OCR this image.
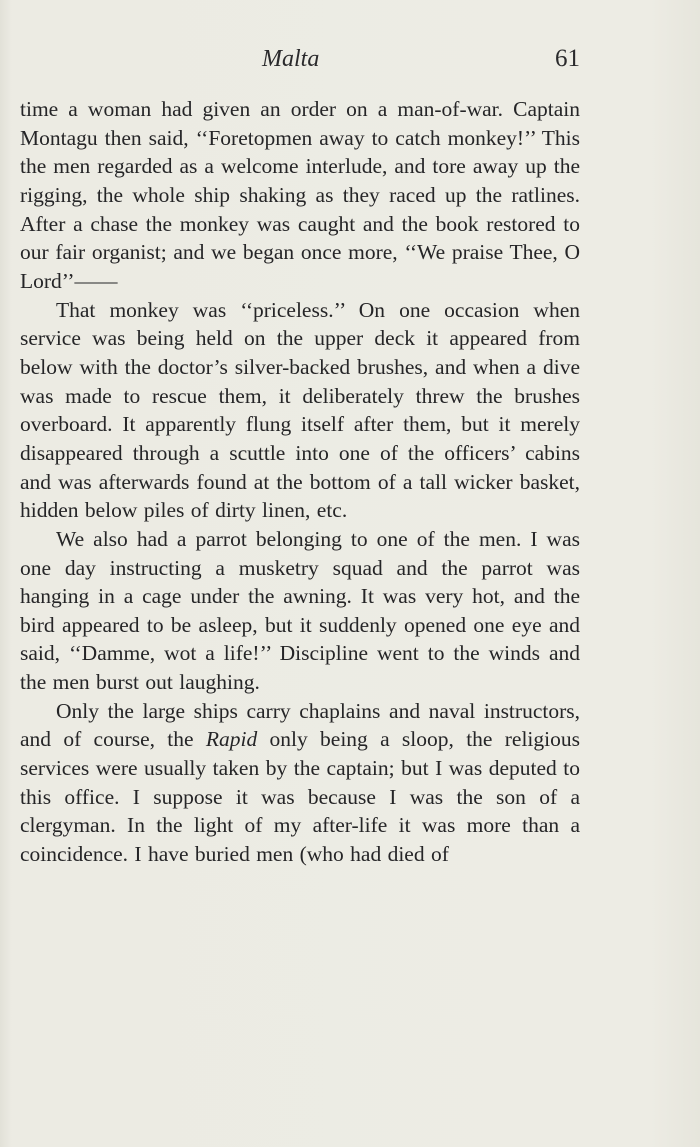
Malta	61

time a woman had given an order on a man-of-war. Captain Montagu then said, ‘‘Foretopmen away to catch monkey!’’ This the men regarded as a welcome interlude, and tore away up the rigging, the whole ship shaking as they raced up the ratlines. After a chase the monkey was caught and the book restored to our fair organist; and we began once more, ‘‘We praise Thee, O Lord’’——

That monkey was ‘‘priceless.’’ On one occasion when service was being held on the upper deck it appeared from below with the doctor’s silver-backed brushes, and when a dive was made to rescue them, it deliberately threw the brushes overboard. It apparently flung itself after them, but it merely disappeared through a scuttle into one of the officers’ cabins and was afterwards found at the bottom of a tall wicker basket, hidden below piles of dirty linen, etc.

We also had a parrot belonging to one of the men. I was one day instructing a musketry squad and the parrot was hanging in a cage under the awning. It was very hot, and the bird appeared to be asleep, but it suddenly opened one eye and said, ‘‘Damme, wot a life!’’ Discipline went to the winds and the men burst out laughing.

Only the large ships carry chaplains and naval instructors, and of course, the Rapid only being a sloop, the religious services were usually taken by the captain; but I was deputed to this office. I suppose it was because I was the son of a clergyman. In the light of my after-life it was more than a coincidence. I have buried men (who had died of
